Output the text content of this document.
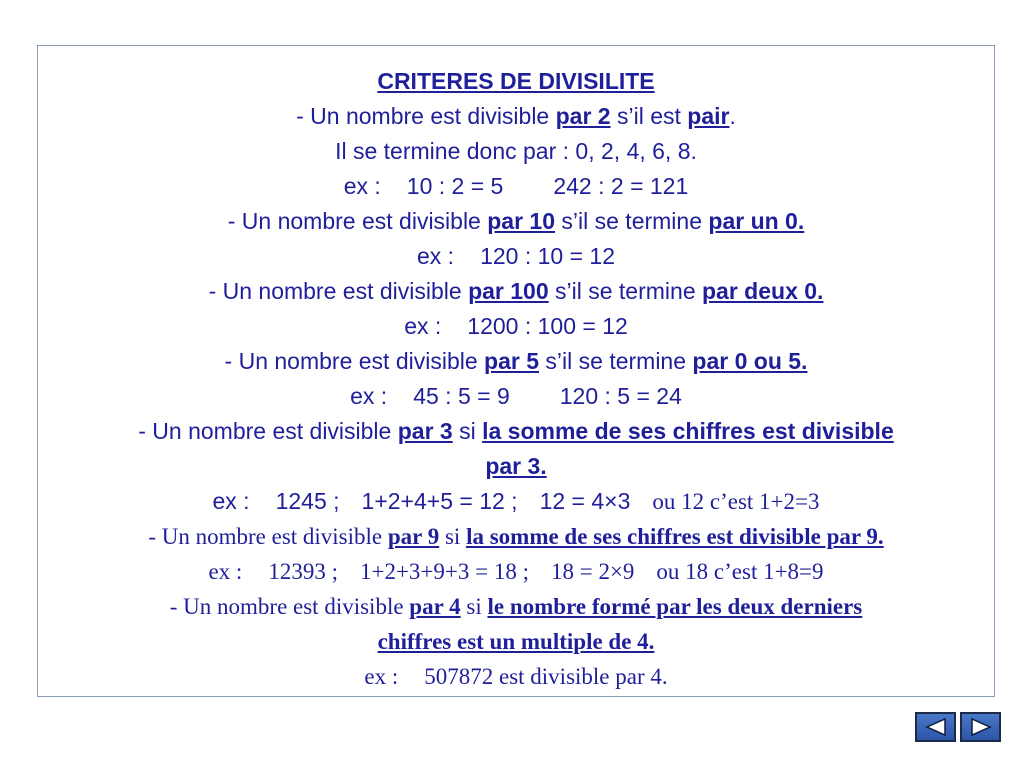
CRITERES DE DIVISILITE
- Un nombre est divisible par 2 s’il est pair.
Il se termine donc par : 0, 2, 4, 6, 8.
ex : 10 : 2 = 5 242 : 2 = 121
- Un nombre est divisible par 10 s’il se termine par un 0.
ex : 120 : 10 = 12
- Un nombre est divisible par 100 s’il se termine par deux 0.
ex : 1200 : 100 = 12
- Un nombre est divisible par 5 s’il se termine par 0 ou 5.
ex : 45 : 5 = 9 120 : 5 = 24
- Un nombre est divisible par 3 si la somme de ses chiffres est divisible
par 3.
ex : 1245 ; 1+2+4+5 = 12 ; 12 = 4×3 ou 12 c’est 1+2=3
- Un nombre est divisible par 9 si la somme de ses chiffres est divisible par 9.
ex : 12393 ; 1+2+3+9+3 = 18 ; 18 = 2×9 ou 18 c’est 1+8=9
- Un nombre est divisible par 4 si le nombre formé par les deux derniers
chiffres est un multiple de 4.
ex : 507872 est divisible par 4.
